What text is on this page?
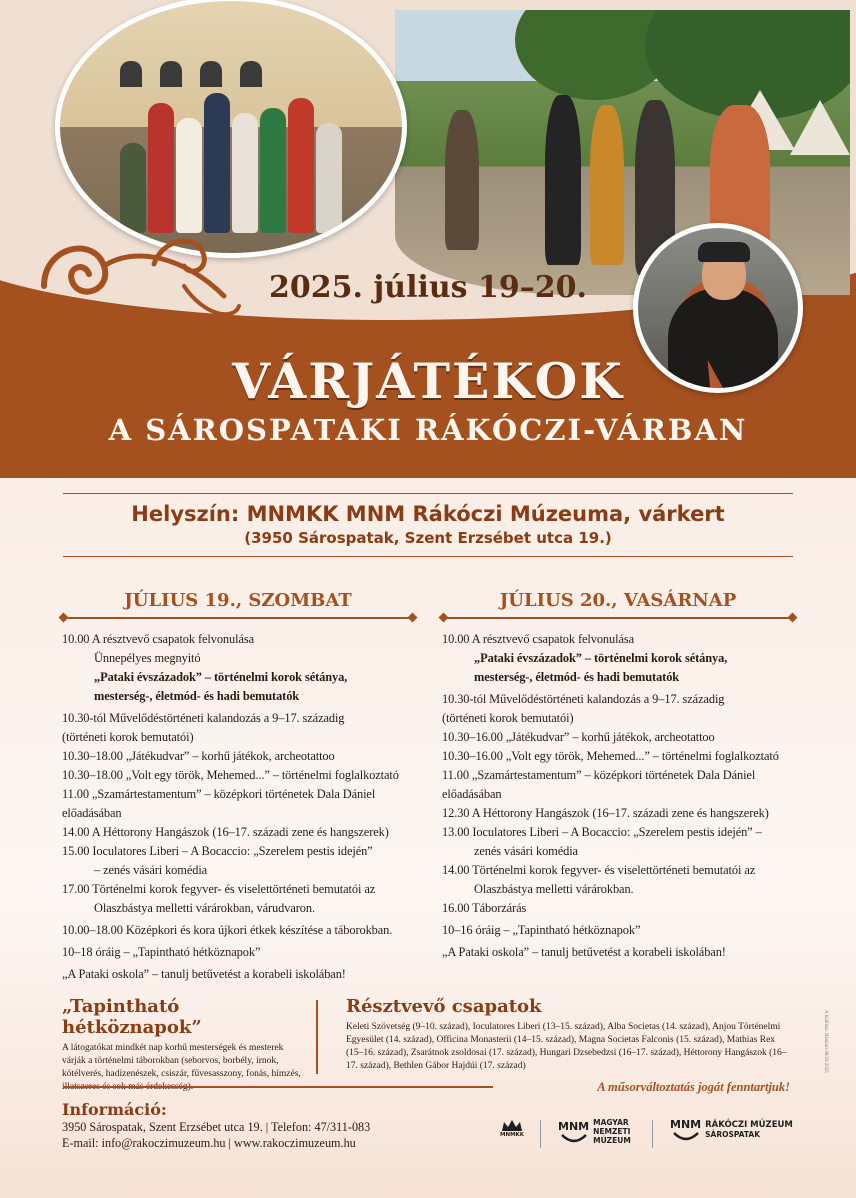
2025. július 19–20.
VÁRJÁTÉKOK
A SÁROSPATAKI RÁKÓCZI-VÁRBAN
Helyszín: MNMKK MNM Rákóczi Múzeuma, várkert
(3950 Sárospatak, Szent Erzsébet utca 19.)
JÚLIUS 19., SZOMBAT
10.00 A résztvevő csapatok felvonulása
Ünnepélyes megnyitó
„Pataki évszázadok” – történelmi korok sétánya,
mesterség-, életmód- és hadi bemutatók
10.30-tól Művelődéstörténeti kalandozás a 9–17. századig
(történeti korok bemutatói)
10.30–18.00 „Játékudvar” – korhű játékok, archeotattoo
10.30–18.00 „Volt egy török, Mehemed...” – történelmi foglalkoztató
11.00 „Szamártestamentum” – középkori történetek Dala Dániel
előadásában
14.00 A Héttorony Hangászok (16–17. századi zene és hangszerek)
15.00 Ioculatores Liberi – A Bocaccio: „Szerelem pestis idején”
– zenés vásári komédia
17.00 Történelmi korok fegyver- és viselettörténeti bemutatói az
Olaszbástya melletti várárokban, várudvaron.
10.00–18.00 Középkori és kora újkori étkek készítése a táborokban.
10–18 óráig – „Tapintható hétköznapok”
„A Pataki oskola” – tanulj betűvetést a korabeli iskolában!
JÚLIUS 20., VASÁRNAP
10.00 A résztvevő csapatok felvonulása
„Pataki évszázadok” – történelmi korok sétánya,
mesterség-, életmód- és hadi bemutatók
10.30-tól Művelődéstörténeti kalandozás a 9–17. századig
(történeti korok bemutatói)
10.30–16.00 „Játékudvar” – korhű játékok, archeotattoo
10.30–16.00 „Volt egy török, Mehemed...” – történelmi foglalkoztató
11.00 „Szamártestamentum” – középkori történetek Dala Dániel
előadásában
12.30 A Héttorony Hangászok (16–17. századi zene és hangszerek)
13.00 Ioculatores Liberi – A Bocaccio: „Szerelem pestis idején” –
zenés vásári komédia
14.00 Történelmi korok fegyver- és viselettörténeti bemutatói az
Olaszbástya melletti várárokban.
16.00 Táborzárás
10–16 óráig – „Tapintható hétköznapok”
„A Pataki oskola” – tanulj betűvetést a korabeli iskolában!
„Tapintható hétköznapok”
A látogatókat mindkét nap korhű mesterségek és mesterek várják a történelmi táborokban (seborvos, borbély, írnok, kötélverés, hadizenészek, csiszár, fűvesasszony, fonás, hímzés,
Résztvevő csapatok
Keleti Szövetség (9–10. század), Ioculatores Liberi (13–15. század), Alba Societas (14. század), Anjou Történelmi Egyesület (14. század), Officina Monasterii (14–15. század), Magna Societas Falconis (15. század), Mathias Rex (15–16. század), Zsarátnok zsoldosai (17. század), Hungari Dzsebedzsi (16–17. század), Héttorony Hangászok (16–17. század), Bethlen Gábor Hajdúi (17. század)
A műsorváltoztatás jogát fenntartjuk!
Információ:
3950 Sárospatak, Szent Erzsébet utca 19. | Telefon: 47/311-083
E-mail: info@rakoczimuzeum.hu | www.rakoczimuzeum.hu
MNMKK
MNM MAGYAR
NEMZETI
MÚZEUM
MNM RÁKÓCZI MÚZEUM
SÁROSPATAK
A kiállítás: Bánkuti 06/20 2025
